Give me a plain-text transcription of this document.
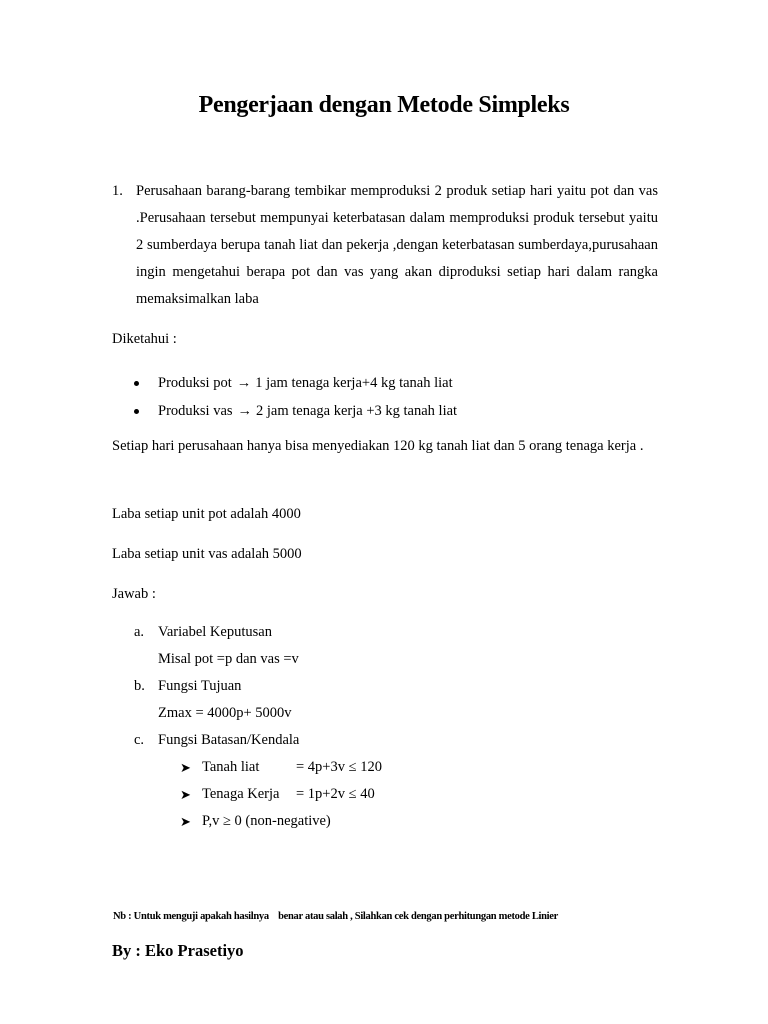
Pengerjaan dengan Metode Simpleks
1. Perusahaan barang-barang tembikar memproduksi 2 produk setiap hari yaitu pot dan vas .Perusahaan tersebut mempunyai keterbatasan dalam memproduksi produk tersebut yaitu 2 sumberdaya berupa tanah liat dan pekerja ,dengan keterbatasan sumberdaya,purusahaan ingin mengetahui berapa pot dan vas yang akan diproduksi setiap hari dalam rangka memaksimalkan laba
Diketahui :
Produksi pot → 1 jam tenaga kerja+4 kg tanah liat
Produksi vas → 2 jam tenaga kerja +3 kg tanah liat
Setiap hari perusahaan hanya bisa menyediakan 120 kg tanah liat dan 5 orang tenaga kerja .
Laba setiap unit pot adalah 4000
Laba setiap unit vas adalah 5000
Jawab :
a. Variabel Keputusan
Misal pot =p dan vas =v
b. Fungsi Tujuan
Zmax = 4000p+ 5000v
c. Fungsi Batasan/Kendala
➤ Tanah liat	= 4p+3v ≤ 120
➤ Tenaga Kerja	= 1p+2v ≤ 40
➤ P,v ≥ 0 (non-negative)
Nb : Untuk menguji apakah hasilnya    benar atau salah , Silahkan cek dengan perhitungan metode Linier
By : Eko Prasetiyo
